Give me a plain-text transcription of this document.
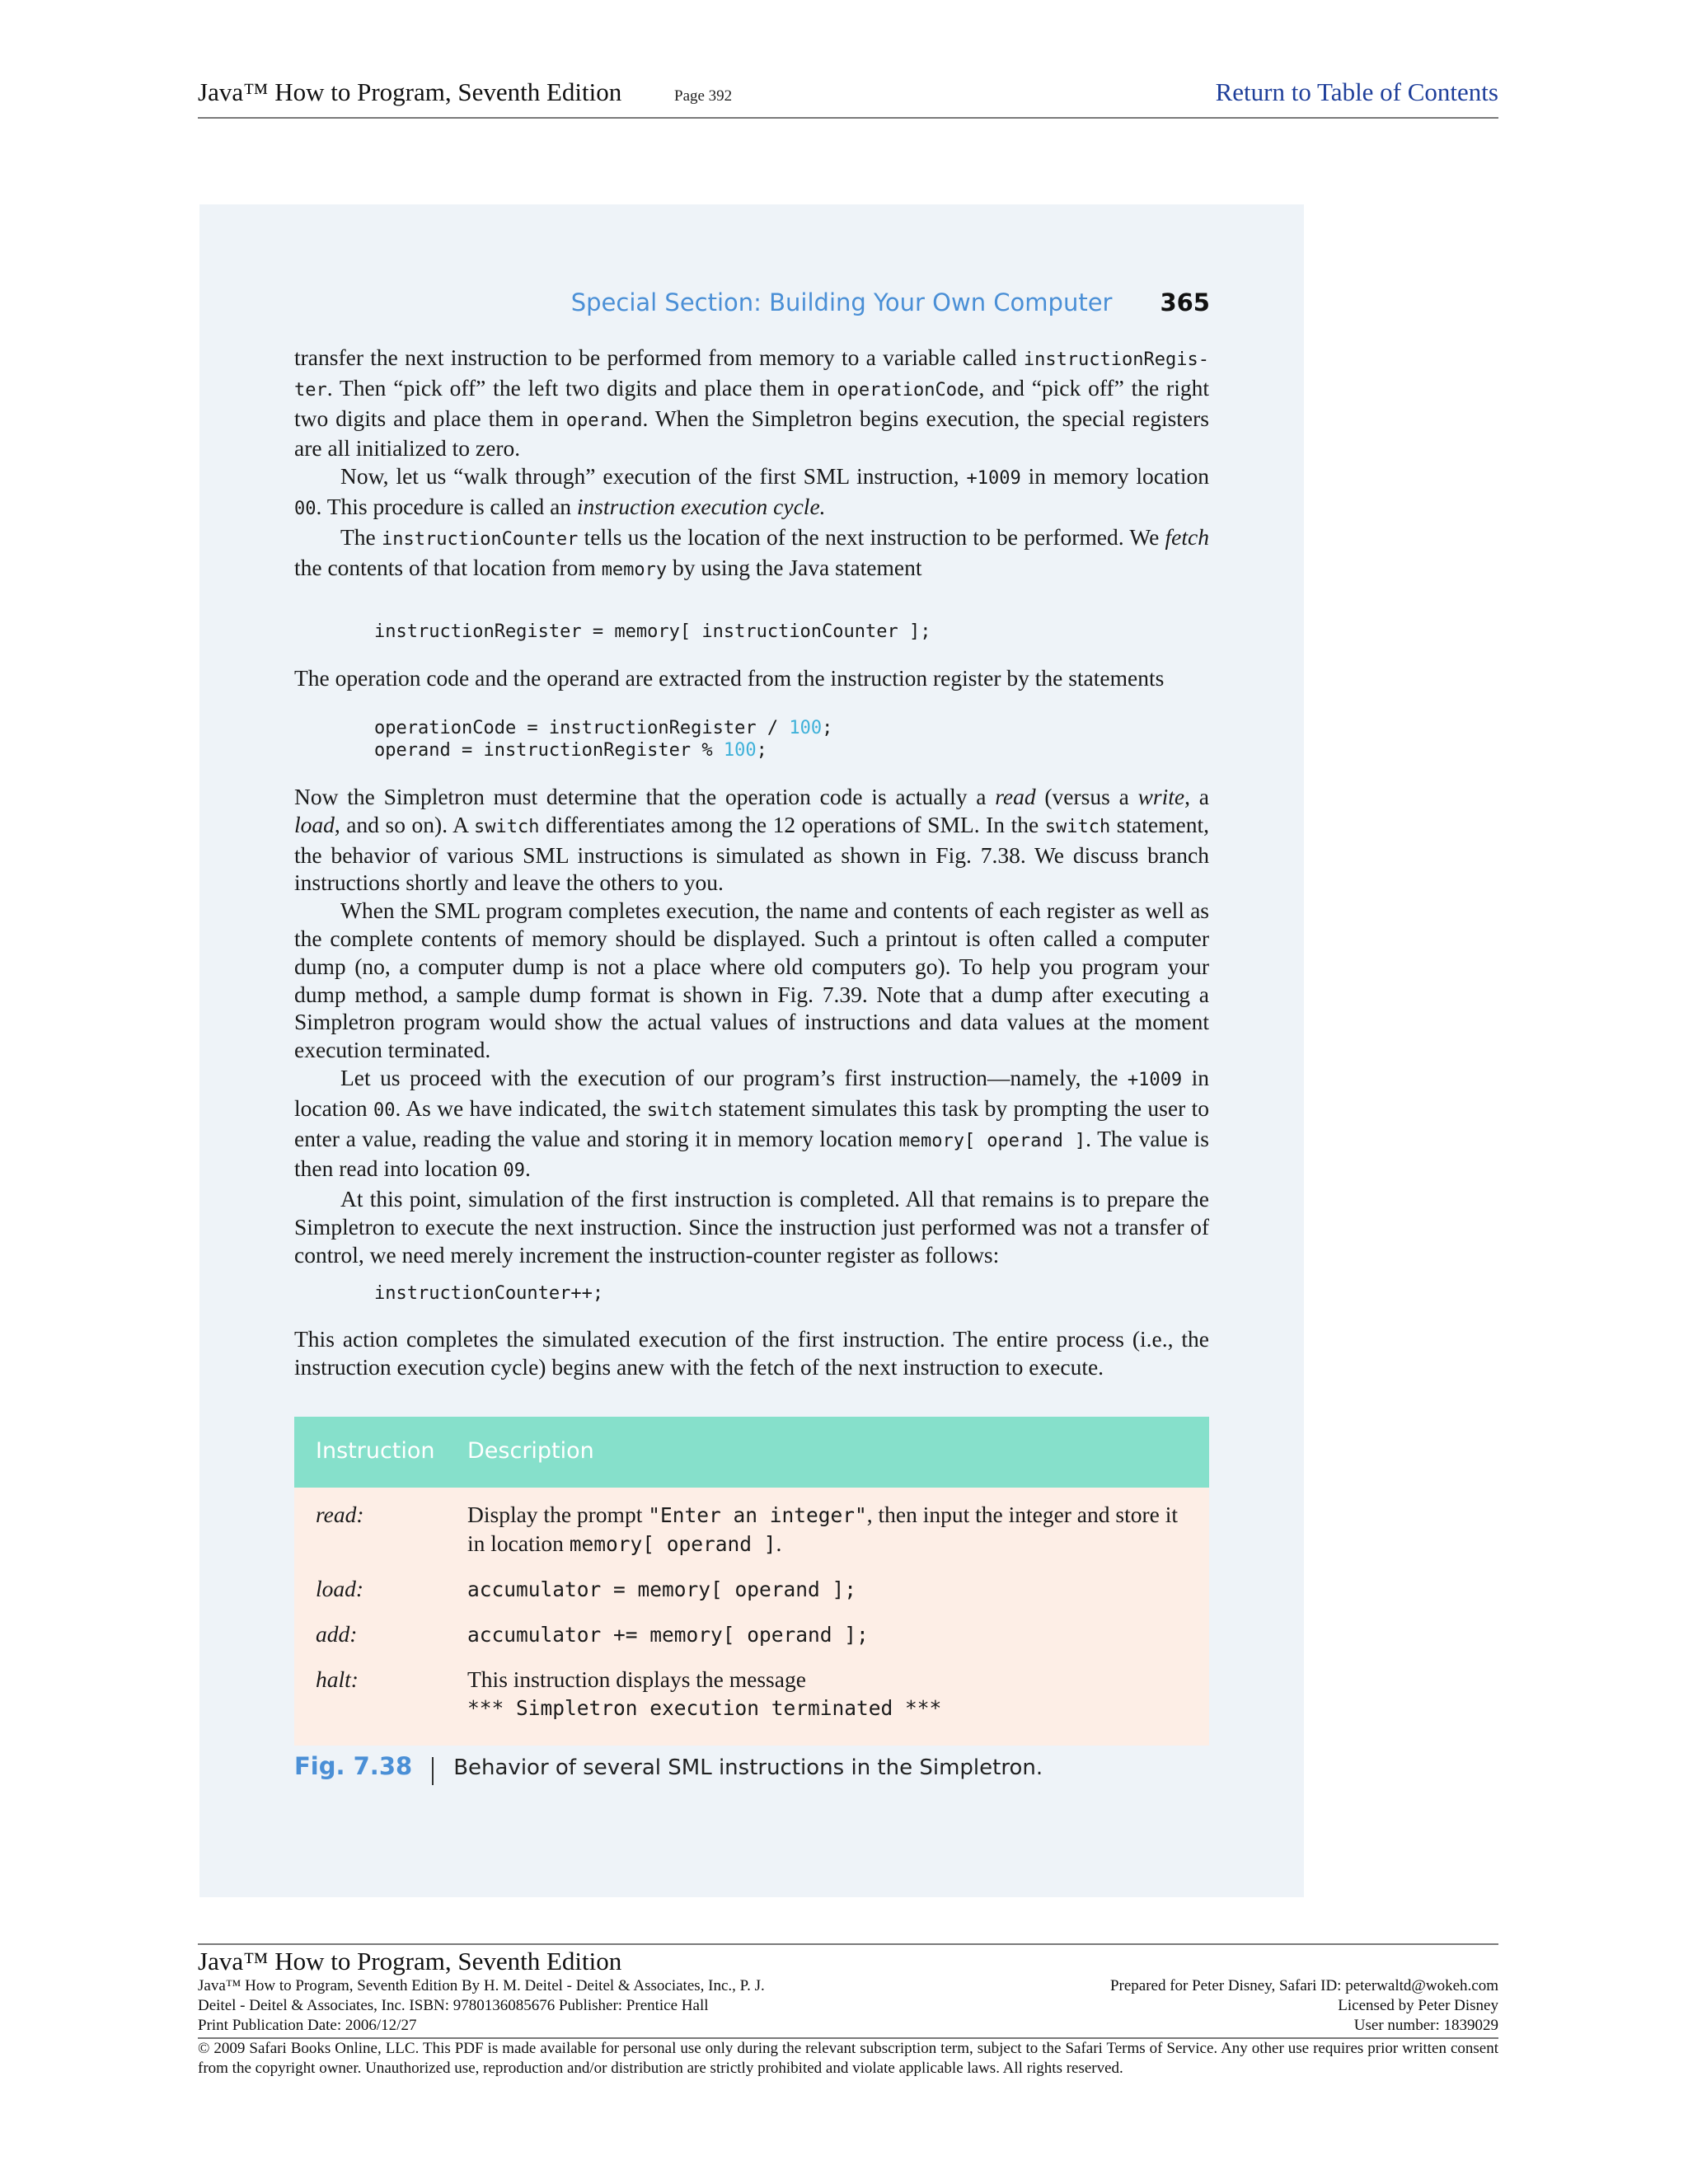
Java™ How to Program, Seventh Edition	Page 392	Return to Table of Contents
Special Section: Building Your Own Computer 365

transfer the next instruction to be performed from memory to a variable called instructionRegis- ter. Then “pick off” the left two digits and place them in operationCode, and “pick off” the right two digits and place them in operand. When the Simpletron begins execution, the special registers are all initialized to zero.

Now, let us “walk through” execution of the first SML instruction, +1009 in memory location 00. This procedure is called an instruction execution cycle.

The instructionCounter tells us the location of the next instruction to be performed. We fetch the contents of that location from memory by using the Java statement

instructionRegister = memory[ instructionCounter ];

The operation code and the operand are extracted from the instruction register by the statements

operationCode = instructionRegister / 100;
operand = instructionRegister % 100;

Now the Simpletron must determine that the operation code is actually a read (versus a write, a load, and so on). A switch differentiates among the 12 operations of SML. In the switch statement, the behavior of various SML instructions is simulated as shown in Fig. 7.38. We discuss branch instructions shortly and leave the others to you.

When the SML program completes execution, the name and contents of each register as well as the complete contents of memory should be displayed. Such a printout is often called a computer dump (no, a computer dump is not a place where old computers go). To help you program your dump method, a sample dump format is shown in Fig. 7.39. Note that a dump after executing a Simpletron program would show the actual values of instructions and data values at the moment execution terminated.

Let us proceed with the execution of our program’s first instruction—namely, the +1009 in location 00. As we have indicated, the switch statement simulates this task by prompting the user to enter a value, reading the value and storing it in memory location memory[ operand ]. The value is then read into location 09.

At this point, simulation of the first instruction is completed. All that remains is to prepare the Simpletron to execute the next instruction. Since the instruction just performed was not a transfer of control, we need merely increment the instruction-counter register as follows:

instructionCounter++;

This action completes the simulated execution of the first instruction. The entire process (i.e., the instruction execution cycle) begins anew with the fetch of the next instruction to execute.

Instruction Description
read:	Display the prompt "Enter an integer", then input the integer and store it in location memory[ operand ].
load:	accumulator = memory[ operand ];
add:	accumulator += memory[ operand ];
halt:	This instruction displays the message
*** Simpletron execution terminated ***
Fig. 7.38 Behavior of several SML instructions in the Simpletron.
Java™ How to Program, Seventh Edition
Java™ How to Program, Seventh Edition By H. M. Deitel - Deitel & Associates, Inc., P. J.
Deitel - Deitel & Associates, Inc. ISBN: 9780136085676 Publisher: Prentice Hall
Print Publication Date: 2006/12/27
Prepared for Peter Disney, Safari ID: peterwaltd@wokeh.com
Licensed by Peter Disney
User number: 1839029
© 2009 Safari Books Online, LLC. This PDF is made available for personal use only during the relevant subscription term, subject to the Safari Terms of Service. Any other use requires prior written consent from the copyright owner. Unauthorized use, reproduction and/or distribution are strictly prohibited and violate applicable laws. All rights reserved.
